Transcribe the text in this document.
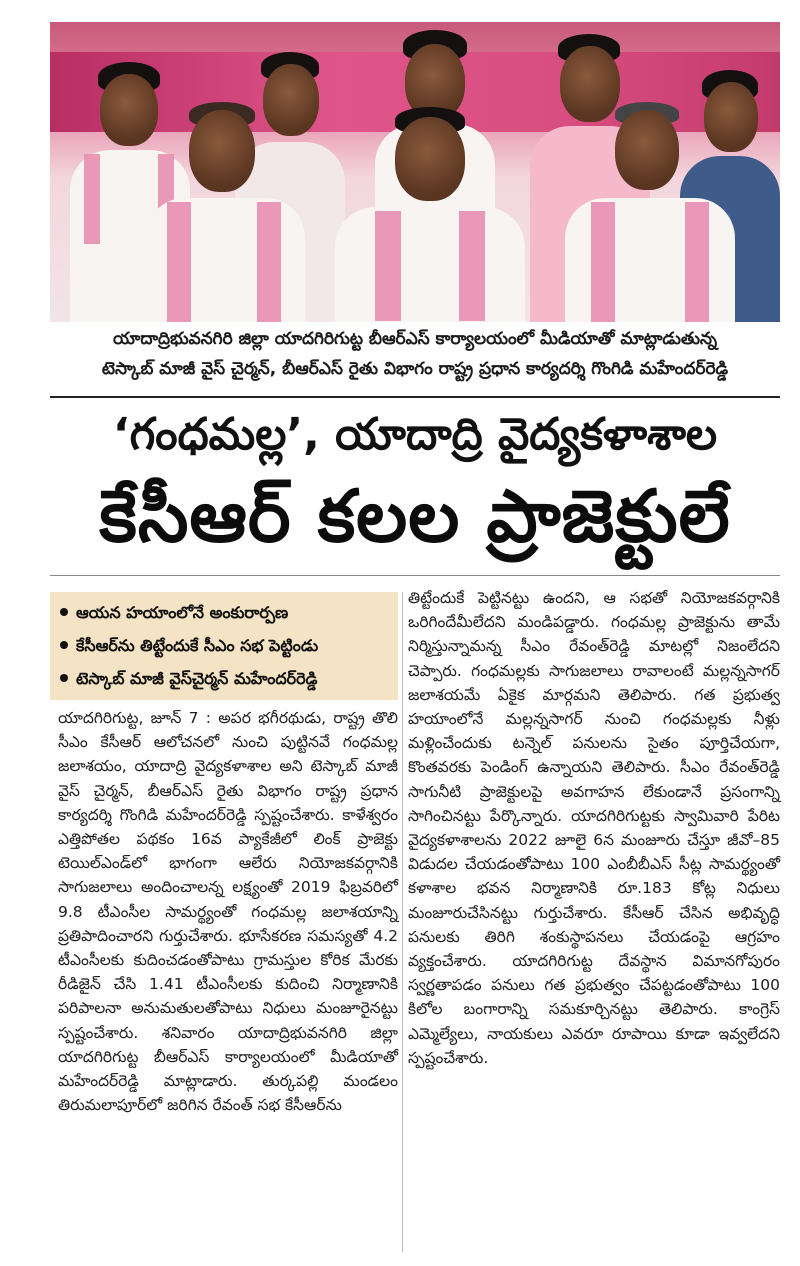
యాదాద్రిభువనగిరి జిల్లా యాదగిరిగుట్ట బీఆర్ఎస్ కార్యాలయంలో మీడియాతో మాట్లాడుతున్న
టెస్కాబ్ మాజీ వైస్ చైర్మన్, బీఆర్ఎస్ రైతు విభాగం రాష్ట్ర ప్రధాన కార్యదర్శి గొంగిడి మహేందర్‌రెడ్డి
‘గంధమల్ల’, యాదాద్రి వైద్యకళాశాల
కేసీఆర్ కలల ప్రాజెక్టులే
ఆయన హయాంలోనే అంకురార్పణ
కేసీఆర్‌ను తిట్టేందుకే సీఎం సభ పెట్టిండు
టెస్కాబ్ మాజీ వైస్‌చైర్మన్ మహేందర్‌రెడ్డి

యాదగిరిగుట్ట, జూన్ 7 : అపర భగీరథుడు, రాష్ట్ర తొలి సీఎం కేసీఆర్ ఆలోచనలో నుంచి పుట్టినవే గంధమల్ల జలాశయం, యాదాద్రి వైద్యకళాశాల అని టెస్కాబ్ మాజీ వైస్ చైర్మన్, బీఆర్ఎస్ రైతు విభాగం రాష్ట్ర ప్రధాన కార్యదర్శి గొంగిడి మహేందర్‌రెడ్డి స్పష్టంచేశారు. కాళేశ్వరం ఎత్తిపోతల పథకం 16వ ప్యాకేజీలో లింక్ ప్రాజెక్టు టెయిల్‌ఎండ్‌లో భాగంగా ఆలేరు నియోజకవర్గానికి సాగుజలాలు అందించాలన్న లక్ష్యంతో 2019 ఫిబ్రవరిలో 9.8 టీఎంసీల సామర్థ్యంతో గంధమల్ల జలాశయాన్ని ప్రతిపాదించారని గుర్తుచేశారు. భూసేకరణ సమస్యతో 4.2 టీఎంసీలకు కుదించడంతోపాటు గ్రామస్తుల కోరిక మేరకు రీడిజైన్ చేసి 1.41 టీఎంసీలకు కుదించి నిర్మాణానికి పరిపాలనా అనుమతులతోపాటు నిధులు మంజూరైనట్టు స్పష్టంచేశారు. శనివారం యాదాద్రిభువనగిరి జిల్లా యాదగిరిగుట్ట బీఆర్ఎస్ కార్యాలయంలో మీడియాతో మహేందర్‌రెడ్డి మాట్లాడారు. తుర్కపల్లి మండలం తిరుమలాపూర్‌లో జరిగిన రేవంత్ సభ కేసీఆర్‌ను

తిట్టేందుకే పెట్టినట్టు ఉందని, ఆ సభతో నియోజకవర్గానికి ఒరిగిందేమీలేదని మండిపడ్డారు. గంధమల్ల ప్రాజెక్టును తామే నిర్మిస్తున్నామన్న సీఎం రేవంత్‌రెడ్డి మాటల్లో నిజంలేదని చెప్పారు. గంధమల్లకు సాగుజలాలు రావాలంటే మల్లన్నసాగర్ జలాశయమే ఏకైక మార్గమని తెలిపారు. గత ప్రభుత్వ హయాంలోనే మల్లన్నసాగర్ నుంచి గంధమల్లకు నీళ్లు మళ్లించేందుకు టన్నెల్ పనులను సైతం పూర్తిచేయగా, కొంతవరకు పెండింగ్ ఉన్నాయని తెలిపారు. సీఎం రేవంత్‌రెడ్డి సాగునీటి ప్రాజెక్టులపై అవగాహన లేకుండానే ప్రసంగాన్ని సాగించినట్టు పేర్కొన్నారు. యాదగిరిగుట్టకు స్వామివారి పేరిట వైద్యకళాశాలను 2022 జూలై 6న మంజూరు చేస్తూ జీవో–85 విడుదల చేయడంతోపాటు 100 ఎంబీబీఎస్ సీట్ల సామర్థ్యంతో కళాశాల భవన నిర్మాణానికి రూ.183 కోట్ల నిధులు మంజూరుచేసినట్టు గుర్తుచేశారు. కేసీఆర్ చేసిన అభివృద్ధి పనులకు తిరిగి శంకుస్థాపనలు చేయడంపై ఆగ్రహం వ్యక్తంచేశారు. యాదగిరిగుట్ట దేవస్థాన విమానగోపురం స్వర్ణతాపడం పనులు గత ప్రభుత్వం చేపట్టడంతోపాటు 100 కిలోల బంగారాన్ని సమకూర్చినట్టు తెలిపారు. కాంగ్రెస్ ఎమ్మెల్యేలు, నాయకులు ఎవరూ రూపాయి కూడా ఇవ్వలేదని స్పష్టంచేశారు.
